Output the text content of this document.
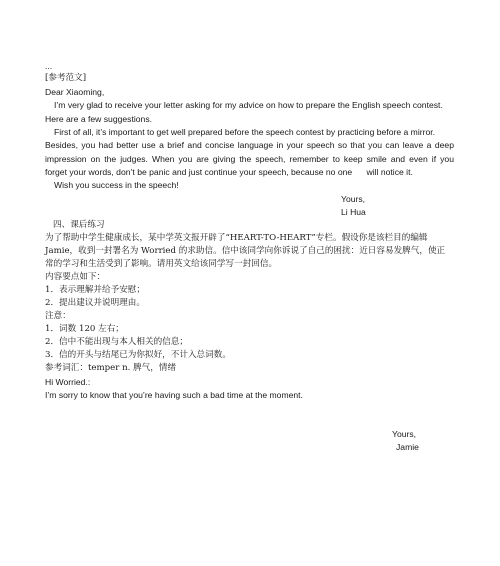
...
[参考范文]
Dear Xiaoming,
I’m very glad to receive your letter asking for my advice on how to prepare the English speech contest.
Here are a few suggestions.
First of all, it’s important to get well prepared before the speech contest by practicing before a mirror.
Besides, you had better use a brief and concise language in your speech so that you can leave a deep
impression on the judges. When you are giving the speech, remember to keep smile and even if you
forget your words, don’t be panic and just continue your speech, because no one      will notice it.
Wish you success in the speech!
Yours,
Li Hua
四、课后练习
为了帮助中学生健康成长，某中学英文报开辟了“HEART-TO-HEART”专栏。假设你是该栏目的编辑
Jamie，收到一封署名为 Worried 的求助信。信中该同学向你诉说了自己的困扰：近日容易发脾气，使正
常的学习和生活受到了影响。请用英文给该同学写一封回信。
内容要点如下：
1．表示理解并给予安慰；
2．提出建议并说明理由。
注意：
1．词数 120 左右；
2．信中不能出现与本人相关的信息；
3．信的开头与结尾已为你拟好，不计入总词数。
参考词汇：temper n. 脾气，情绪
Hi Worried.:
I’m sorry to know that you’re having such a bad time at the moment.
Yours,
Jamie
